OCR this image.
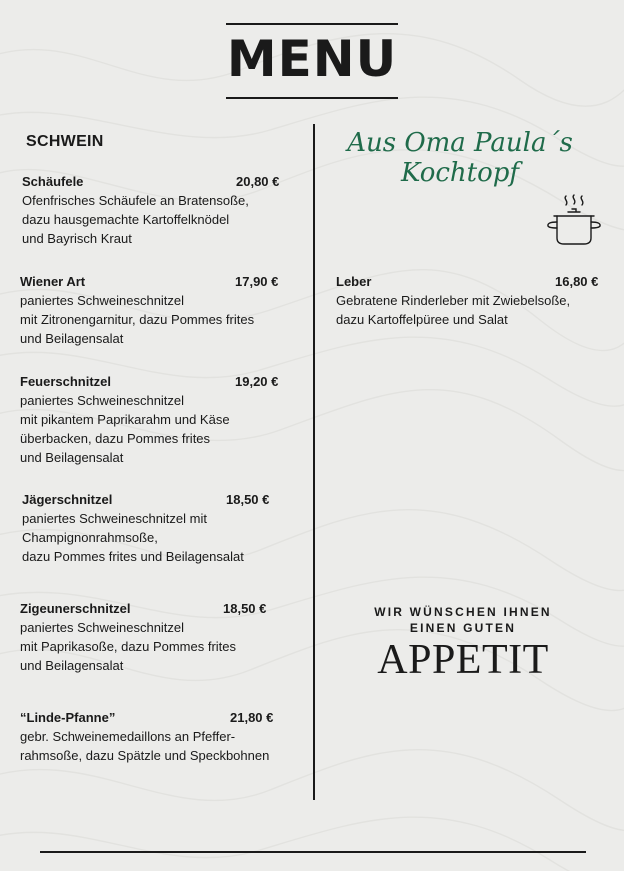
MENU
SCHWEIN
Schäufele	20,80 €
Ofenfrisches Schäufele an Bratensoße,
dazu hausgemachte Kartoffelknödel
und Bayrisch Kraut
Wiener Art	17,90 €
paniertes Schweineschnitzel
mit Zitronengarnitur, dazu Pommes frites
und Beilagensalat
Feuerschnitzel	19,20 €
paniertes Schweineschnitzel
mit pikantem Paprikarahm und Käse
überbacken, dazu Pommes frites
und Beilagensalat
Jägerschnitzel	18,50 €
paniertes Schweineschnitzel mit
Champignonrahmsoße,
dazu Pommes frites und Beilagensalat
Zigeunerschnitzel	18,50 €
paniertes Schweineschnitzel
mit Paprikasoße, dazu Pommes frites
und Beilagensalat
“Linde-Pfanne”	21,80 €
gebr. Schweinemedaillons an Pfeffer-
rahmsoße, dazu Spätzle und Speckbohnen
Aus Oma Paula´s
Kochtopf
Leber	16,80 €
Gebratene Rinderleber mit Zwiebelsoße,
dazu Kartoffelpüree und Salat
WIR WÜNSCHEN IHNEN
EINEN GUTEN
APPETIT
